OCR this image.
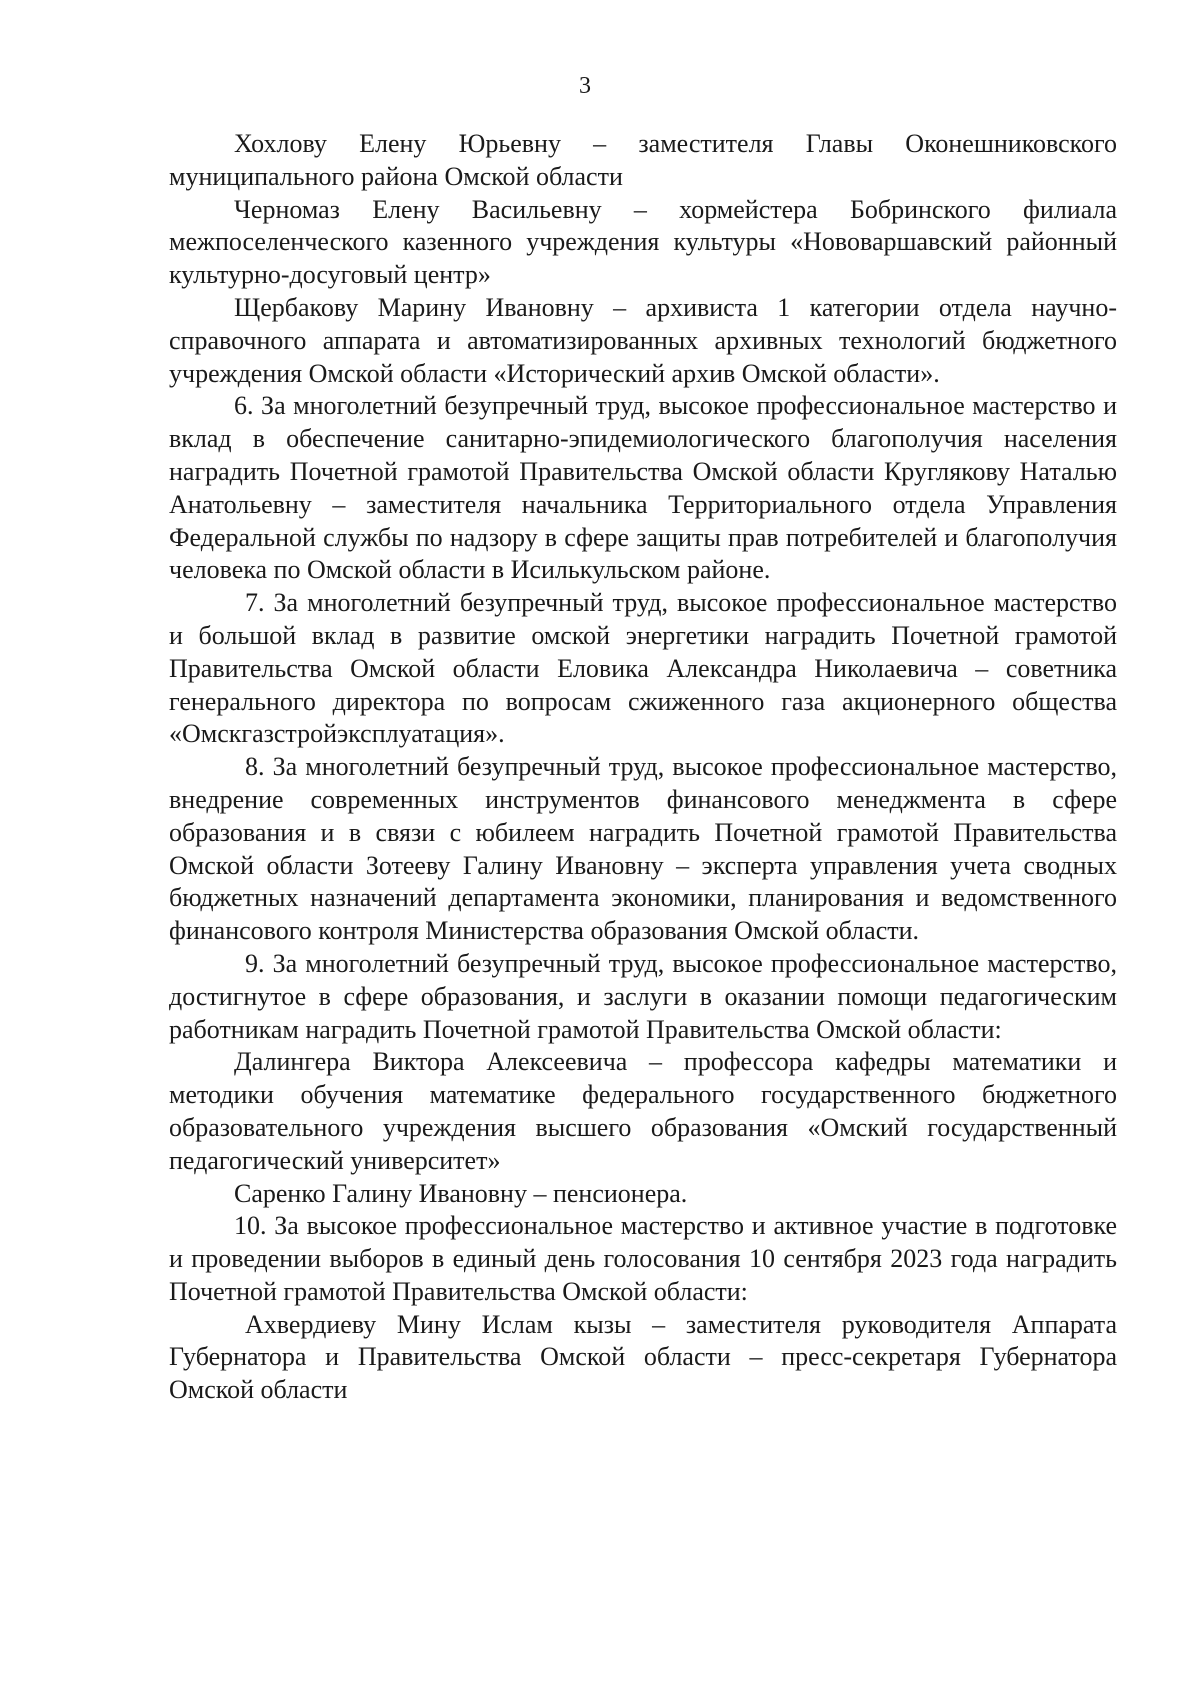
3

Хохлову Елену Юрьевну – заместителя Главы Оконешниковского муниципального района Омской области

Черномаз Елену Васильевну – хормейстера Бобринского филиала межпоселенческого казенного учреждения культуры «Нововаршавский районный культурно-досуговый центр»

Щербакову Марину Ивановну – архивиста 1 категории отдела научно-справочного аппарата и автоматизированных архивных технологий бюджетного учреждения Омской области «Исторический архив Омской области».

6. За многолетний безупречный труд, высокое профессиональное мастерство и вклад в обеспечение санитарно-эпидемиологического благополучия населения наградить Почетной грамотой Правительства Омской области Круглякову Наталью Анатольевну – заместителя начальника Территориального отдела Управления Федеральной службы по надзору в сфере защиты прав потребителей и благополучия человека по Омской области в Исилькульском районе.

7. За многолетний безупречный труд, высокое профессиональное мастерство и большой вклад в развитие омской энергетики наградить Почетной грамотой Правительства Омской области Еловика Александра Николаевича – советника генерального директора по вопросам сжиженного газа акционерного общества «Омскгазстройэксплуатация».

8. За многолетний безупречный труд, высокое профессиональное мастерство, внедрение современных инструментов финансового менеджмента в сфере образования и в связи с юбилеем наградить Почетной грамотой Правительства Омской области Зотееву Галину Ивановну – эксперта управления учета сводных бюджетных назначений департамента экономики, планирования и ведомственного финансового контроля Министерства образования Омской области.

9. За многолетний безупречный труд, высокое профессиональное мастерство, достигнутое в сфере образования, и заслуги в оказании помощи педагогическим работникам наградить Почетной грамотой Правительства Омской области:

Далингера Виктора Алексеевича – профессора кафедры математики и методики обучения математике федерального государственного бюджетного образовательного учреждения высшего образования «Омский государственный педагогический университет»

Саренко Галину Ивановну – пенсионера.

10. За высокое профессиональное мастерство и активное участие в подготовке и проведении выборов в единый день голосования 10 сентября 2023 года наградить Почетной грамотой Правительства Омской области:

Ахвердиеву Мину Ислам кызы – заместителя руководителя Аппарата Губернатора и Правительства Омской области – пресс-секретаря Губернатора Омской области
